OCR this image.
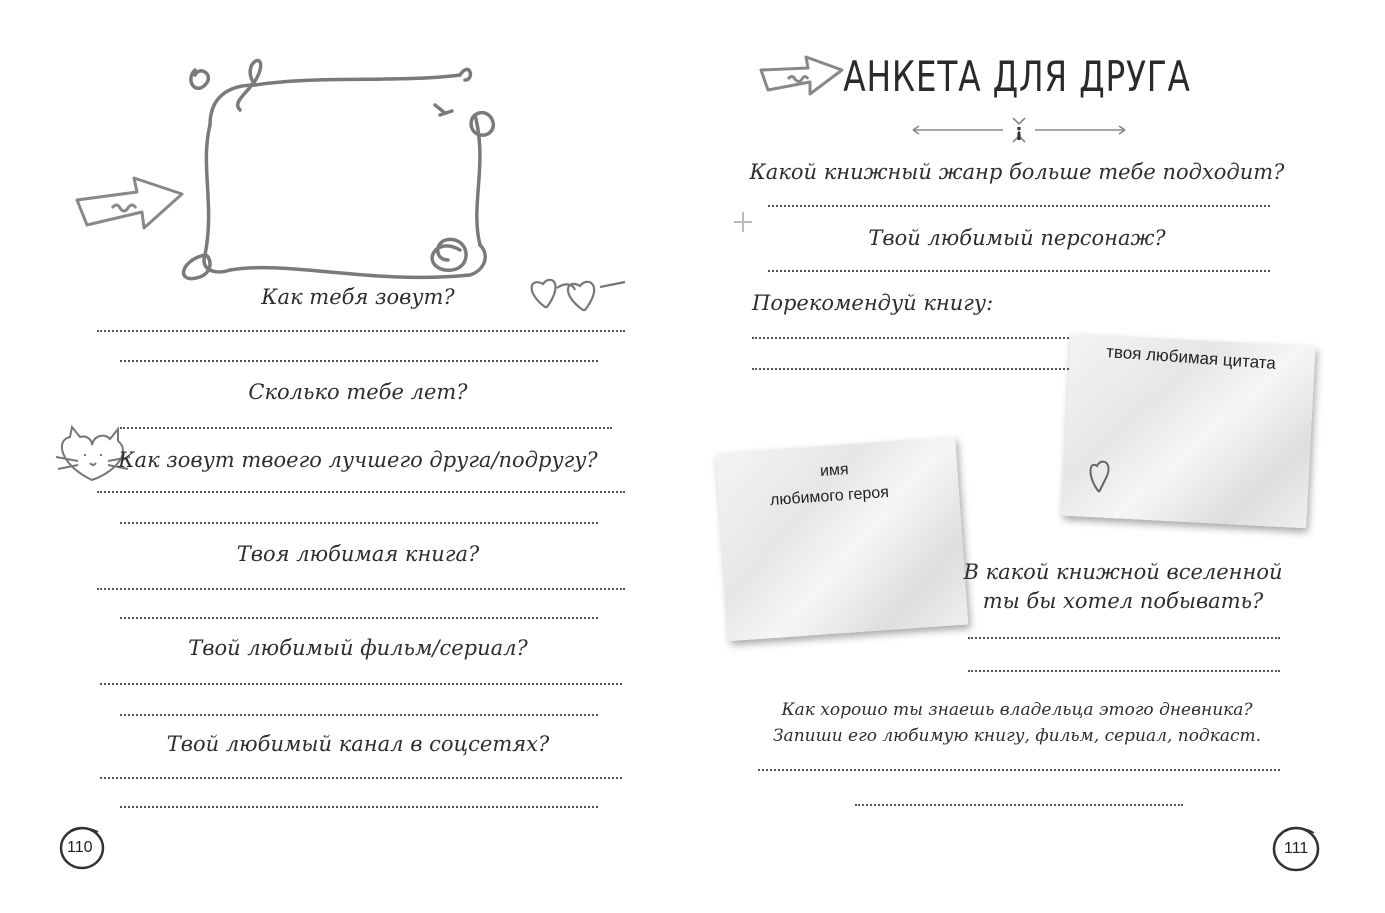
Как тебя зовут?
Сколько тебе лет?
Как зовут твоего лучшего друга/подругу?
Твоя любимая книга?
Твой любимый фильм/сериал?
Твой любимый канал в соцсетях?
110
АНКЕТА ДЛЯ ДРУГА
¡
Какой книжный жанр больше тебе подходит?
Твой любимый персонаж?
Порекомендуй книгу:
твоя любимая цитата
имя
любимого героя
В какой книжной вселенной
ты бы хотел побывать?
Как хорошо ты знаешь владельца этого дневника?
Запиши его любимую книгу, фильм, сериал, подкаст.
111
